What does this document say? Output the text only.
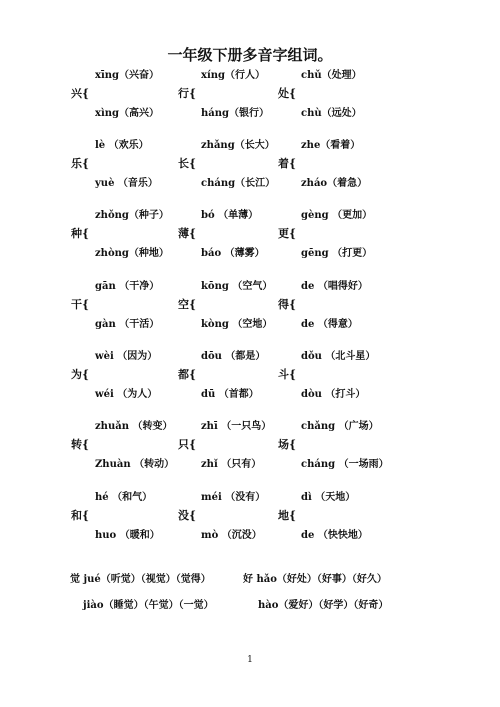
一年级下册多音字组词。
xīng（兴奋）
兴{
xìng（高兴）
xíng（行人）
行{
háng（银行）
chǔ（处理）
处{
chù（远处）
lè （欢乐）
乐{
yuè （音乐）
zhǎng（长大）
长{
cháng（长江）
zhe（看着）
着{
zháo（着急）
zhǒng（种子）
种{
zhòng（种地）
bó （单薄）
薄{
báo （薄雾）
gèng （更加）
更{
gēng （打更）
gān （干净）
干{
gàn （干活）
kōng （空气）
空{
kòng （空地）
de （唱得好）
得{
de （得意）
wèi （因为）
为{
wéi （为人）
dōu （都是）
都{
dū （首都）
dǒu （北斗星）
斗{
dòu （打斗）
zhuǎn （转变）
转{
Zhuàn （转动）
zhī （一只鸟）
只{
zhǐ （只有）
chǎng （广场）
场{
cháng （一场雨）
hé （和气）
和{
huo （暖和）
méi （没有）
没{
mò （沉没）
dì （天地）
地{
de （快快地）
觉 jué（听觉）（视觉）（觉得）	好 hǎo（好处）（好事）（好久）
jiào（睡觉）（午觉）（一觉）	hào（爱好）（好学）（好奇）
1
